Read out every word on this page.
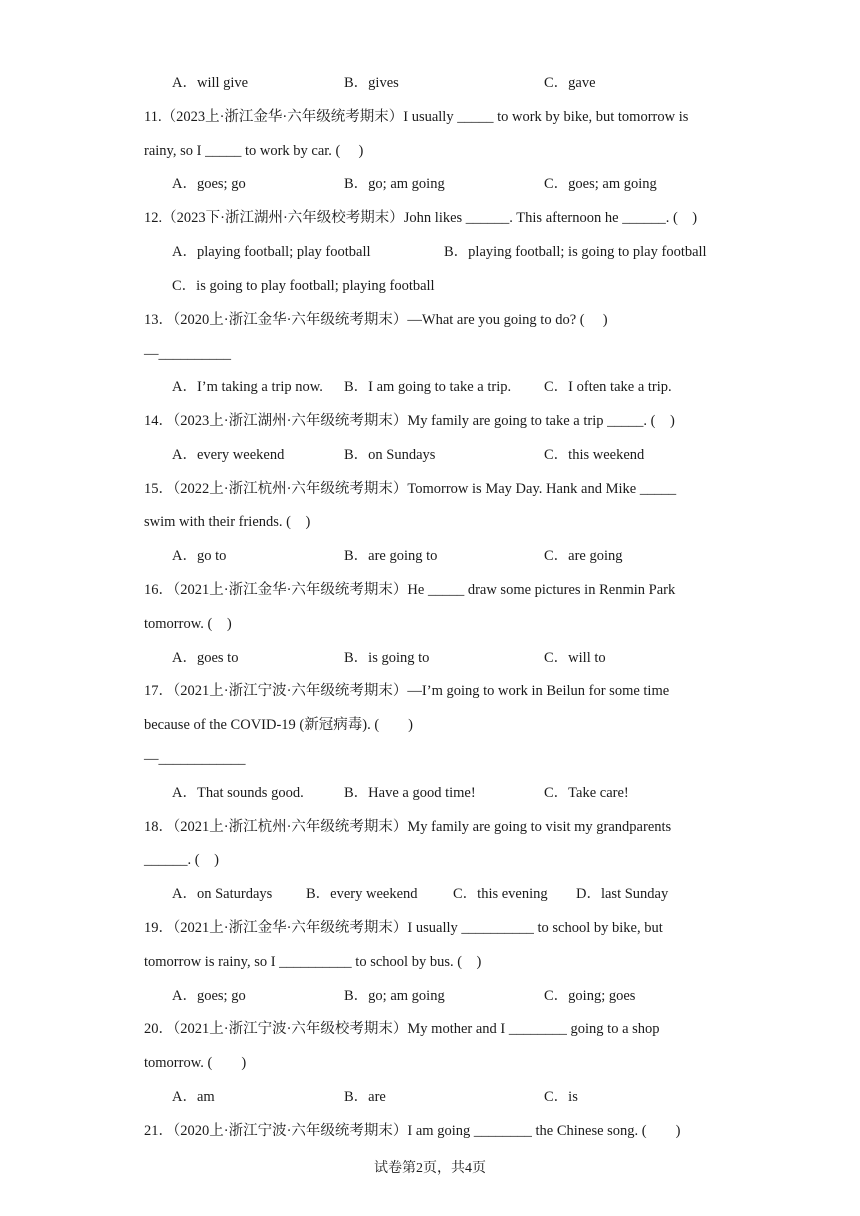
A．will give	B．gives	C．gave
11.（2023上·浙江金华·六年级统考期末）I usually _____ to work by bike, but tomorrow is
rainy, so I _____ to work by car. (　 )
A．goes; go	B．go; am going	C．goes; am going
12.（2023下·浙江湖州·六年级校考期末）John likes ______. This afternoon he ______. (　)
A．playing football; play football	B．playing football; is going to play football
C．is going to play football; playing football
13．（2020上·浙江金华·六年级统考期末）—What are you going to do? (　 )
—__________
A．I’m taking a trip now. B．I am going to take a trip. C．I often take a trip.
14．（2023上·浙江湖州·六年级统考期末）My family are going to take a trip _____. (　)
A．every weekend	B．on Sundays	C．this weekend
15．（2022上·浙江杭州·六年级统考期末）Tomorrow is May Day. Hank and Mike _____
swim with their friends. (　)
A．go to	B．are going to	C．are going
16．（2021上·浙江金华·六年级统考期末）He _____ draw some pictures in Renmin Park
tomorrow. (　)
A．goes to	B．is going to	C．will to
17．（2021上·浙江宁波·六年级统考期末）—I’m going to work in Beilun for some time
because of the COVID-19 (新冠病毒). (　　)
—____________
A．That sounds good.	B．Have a good time!	C．Take care!
18．（2021上·浙江杭州·六年级统考期末）My family are going to visit my grandparents
______. (　)
A．on Saturdays B．every weekend C．this evening D．last Sunday
19．（2021上·浙江金华·六年级统考期末）I usually __________ to school by bike, but
tomorrow is rainy, so I __________ to school by bus. (　)
A．goes; go	B．go; am going	C．going; goes
20．（2021上·浙江宁波·六年级校考期末）My mother and I ________ going to a shop
tomorrow. (　　)
A．am	B．are	C．is
21．（2020上·浙江宁波·六年级统考期末）I am going ________ the Chinese song. (　　)
试卷第2页，共4页
